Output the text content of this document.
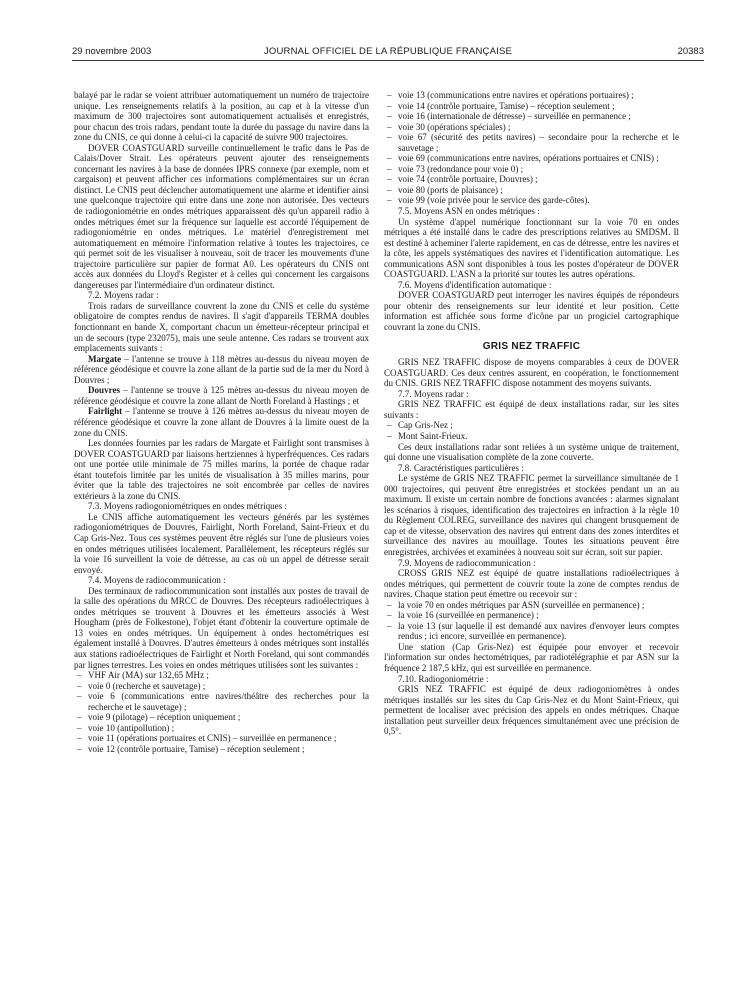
29 novembre 2003	JOURNAL OFFICIEL DE LA RÉPUBLIQUE FRANÇAISE	20383

balayé par le radar se voient attribuer automatiquement un numéro de trajectoire unique. Les renseignements relatifs à la position, au cap et à la vitesse d'un maximum de 300 trajectoires sont automatiquement actualisés et enregistrés, pour chacun des trois radars, pendant toute la durée du passage du navire dans la zone du CNIS, ce qui donne à celui-ci la capacité de suivre 900 trajectoires.

DOVER COASTGUARD surveille continuellement le trafic dans le Pas de Calais/Dover Strait. Les opérateurs peuvent ajouter des renseignements concernant les navires à la base de données IPRS connexe (par exemple, nom et cargaison) et peuvent afficher ces informations complémentaires sur un écran distinct. Le CNIS peut déclencher automatiquement une alarme et identifier ainsi une quelconque trajectoire qui entre dans une zone non autorisée. Des vecteurs de radiogoniométrie en ondes métriques apparaissent dès qu'un appareil radio à ondes métriques émet sur la fréquence sur laquelle est accordé l'équipement de radiogoniométrie en ondes métriques. Le matériel d'enregistrement met automatiquement en mémoire l'information relative à toutes les trajectoires, ce qui permet soit de les visualiser à nouveau, soit de tracer les mouvements d'une trajectoire particulière sur papier de format A0. Les opérateurs du CNIS ont accès aux données du Lloyd's Register et à celles qui concernent les cargaisons dangereuses par l'intermédiaire d'un ordinateur distinct.

7.2. Moyens radar :

Trois radars de surveillance couvrent la zone du CNIS et celle du système obligatoire de comptes rendus de navires. Il s'agit d'appareils TERMA doubles fonctionnant en bande X, comportant chacun un émetteur-récepteur principal et un de secours (type 232075), mais une seule antenne. Ces radars se trouvent aux emplacements suivants :

Margate – l'antenne se trouve à 118 mètres au-dessus du niveau moyen de référence géodésique et couvre la zone allant de la partie sud de la mer du Nord à Douvres ;

Douvres – l'antenne se trouve à 125 mètres au-dessus du niveau moyen de référence géodésique et couvre la zone allant de North Foreland à Hastings ; et

Fairlight – l'antenne se trouve à 126 mètres au-dessus du niveau moyen de référence géodésique et couvre la zone allant de Douvres à la limite ouest de la zone du CNIS.

Les données fournies par les radars de Margate et Fairlight sont transmises à DOVER COASTGUARD par liaisons hertziennes à hyperfréquences. Ces radars ont une portée utile minimale de 75 milles marins, la portée de chaque radar étant toutefois limitée par les unités de visualisation à 35 milles marins, pour éviter que la table des trajectoires ne soit encombrée par celles de navires extérieurs à la zone du CNIS.

7.3. Moyens radiogoniométriques en ondes métriques :

Le CNIS affiche automatiquement les vecteurs générés par les systèmes radiogoniométriques de Douvres, Fairlight, North Foreland, Saint-Frieux et du Cap Gris-Nez. Tous ces systèmes peuvent être réglés sur l'une de plusieurs voies en ondes métriques utilisées localement. Parallèlement, les récepteurs réglés sur la voie 16 surveillent la voie de détresse, au cas où un appel de détresse serait envoyé.

7.4. Moyens de radiocommunication :

Des terminaux de radiocommunication sont installés aux postes de travail de la salle des opérations du MRCC de Douvres. Des récepteurs radioélectriques à ondes métriques se trouvent à Douvres et les émetteurs associés à West Hougham (près de Folkestone), l'objet étant d'obtenir la couverture optimale de 13 voies en ondes métriques. Un équipement à ondes hectométriques est également installé à Douvres. D'autres émetteurs à ondes métriques sont installés aux stations radioélectriques de Fairlight et North Foreland, qui sont commandés par lignes terrestres. Les voies en ondes métriques utilisées sont les suivantes :

– VHF Air (MA) sur 132,65 MHz ;

– voie 0 (recherche et sauvetage) ;

– voie 6 (communications entre navires/théâtre des recherches pour la recherche et le sauvetage) ;

– voie 9 (pilotage) – réception uniquement ;

– voie 10 (antipollution) ;

– voie 11 (opérations portuaires et CNIS) – surveillée en permanence ;

– voie 12 (contrôle portuaire, Tamise) – réception seulement ;

– voie 13 (communications entre navires et opérations portuaires) ;

– voie 14 (contrôle portuaire, Tamise) – réception seulement ;

– voie 16 (internationale de détresse) – surveillée en permanence ;

– voie 30 (opérations spéciales) ;

– voie 67 (sécurité des petits navires) – secondaire pour la recherche et le sauvetage ;

– voie 69 (communications entre navires, opérations portuaires et CNIS) ;

– voie 73 (redondance pour voie 0) ;

– voie 74 (contrôle portuaire, Douvres) ;

– voie 80 (ports de plaisance) ;

– voie 99 (voie privée pour le service des garde-côtes).

7.5. Moyens ASN en ondes métriques :

Un système d'appel numérique fonctionnant sur la voie 70 en ondes métriques a été installé dans le cadre des prescriptions relatives au SMDSM. Il est destiné à acheminer l'alerte rapidement, en cas de détresse, entre les navires et la côte, les appels systématiques des navires et l'identification automatique. Les communications ASN sont disponibles à tous les postes d'opérateur de DOVER COASTGUARD. L'ASN a la priorité sur toutes les autres opérations.

7.6. Moyens d'identification automatique :

DOVER COASTGUARD peut interroger les navires équipés de répondeurs pour obtenir des renseignements sur leur identité et leur position. Cette information est affichée sous forme d'icône par un progiciel cartographique couvrant la zone du CNIS.

GRIS NEZ TRAFFIC

GRIS NEZ TRAFFIC dispose de moyens comparables à ceux de DOVER COASTGUARD. Ces deux centres assurent, en coopération, le fonctionnement du CNIS. GRIS NEZ TRAFFIC dispose notamment des moyens suivants.

7.7. Moyens radar :

GRIS NEZ TRAFFIC est équipé de deux installations radar, sur les sites suivants :

– Cap Gris-Nez ;

– Mont Saint-Frieux.

Ces deux installations radar sont reliées à un système unique de traitement, qui donne une visualisation complète de la zone couverte.

7.8. Caractéristiques particulières :

Le système de GRIS NEZ TRAFFIC permet la surveillance simultanée de 1 000 trajectoires, qui peuvent être enregistrées et stockées pendant un an au maximum. Il existe un certain nombre de fonctions avancées : alarmes signalant les scénarios à risques, identification des trajectoires en infraction à la règle 10 du Règlement COLREG, surveillance des navires qui changent brusquement de cap et de vitesse, observation des navires qui entrent dans des zones interdites et surveillance des navires au mouillage. Toutes les situations peuvent être enregistrées, archivées et examinées à nouveau soit sur écran, soit sur papier.

7.9. Moyens de radiocommunication :

CROSS GRIS NEZ est équipé de quatre installations radioélectriques à ondes métriques, qui permettent de couvrir toute la zone de comptes rendus de navires. Chaque station peut émettre ou recevoir sur :

– la voie 70 en ondes métriques par ASN (surveillée en permanence) ;

– la voie 16 (surveillée en permanence) ;

– la voie 13 (sur laquelle il est demandé aux navires d'envoyer leurs comptes rendus ; ici encore, surveillée en permanence).

Une station (Cap Gris-Nez) est équipée pour envoyer et recevoir l'information sur ondes hectométriques, par radiotélégraphie et par ASN sur la fréquence 2 187,5 kHz, qui est surveillée en permanence.

7.10. Radiogoniométrie :

GRIS NEZ TRAFFIC est équipé de deux radiogoniomètres à ondes métriques installés sur les sites du Cap Gris-Nez et du Mont Saint-Frieux, qui permettent de localiser avec précision des appels en ondes métriques. Chaque installation peut surveiller deux fréquences simultanément avec une précision de 0,5°.
